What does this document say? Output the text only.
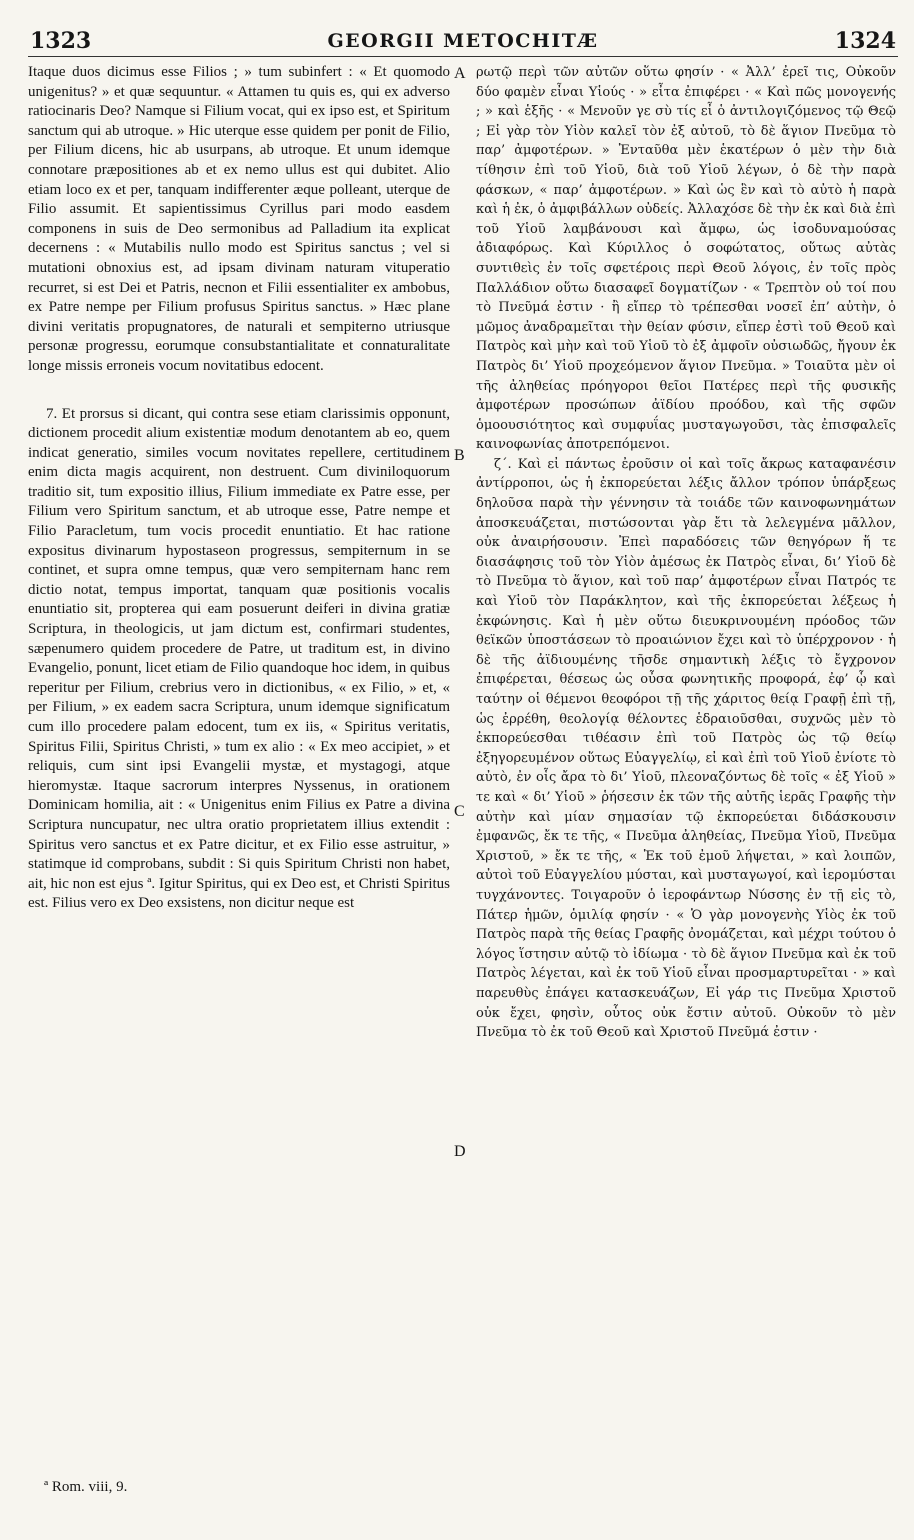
1323	GEORGII METOCHITÆ	1324

Itaque duos dicimus esse Filios ; » tum subinfert : « Et quomodo unigenitus? » et quæ sequuntur. « Attamen tu quis es, qui ex adverso ratiocinaris Deo? Namque si Filium vocat, qui ex ipso est, et Spiritum sanctum qui ab utroque. » Hic uterque esse quidem per ponit de Filio, per Filium dicens, hic ab usurpans, ab utroque. Et unum idemque connotare præpositiones ab et ex nemo ullus est qui dubitet. Alio etiam loco ex et per, tanquam indifferenter æque polleant, uterque de Filio assumit. Et sapientissimus Cyrillus pari modo easdem componens in suis de Deo sermonibus ad Palladium ita explicat decernens : « Mutabilis nullo modo est Spiritus sanctus ; vel si mutationi obnoxius est, ad ipsam divinam naturam vituperatio recurret, si est Dei et Patris, necnon et Filii essentialiter ex ambobus, ex Patre nempe per Filium profusus Spiritus sanctus. » Hæc plane divini veritatis propugnatores, de naturali et sempiterno utriusque personæ progressu, eorumque consubstantialitate et connaturalitate longe missis erroneis vocum novitatibus edocent.

7. Et prorsus si dicant, qui contra sese etiam clarissimis opponunt, dictionem procedit alium existentiæ modum denotantem ab eo, quem indicat generatio, similes vocum novitates repellere, certitudinem enim dicta magis acquirent, non destruent. Cum diviniloquorum traditio sit, tum expositio illius, Filium immediate ex Patre esse, per Filium vero Spiritum sanctum, et ab utroque esse, Patre nempe et Filio Paracletum, tum vocis procedit enuntiatio. Et hac ratione expositus divinarum hypostaseon progressus, sempiternum in se continet, et supra omne tempus, quæ vero sempiternam hanc rem dictio notat, tempus importat, tanquam quæ positionis vocalis enuntiatio sit, propterea qui eam posuerunt deiferi in divina gratiæ Scriptura, in theologicis, ut jam dictum est, confirmari studentes, sæpenumero quidem procedere de Patre, ut traditum est, in divino Evangelio, ponunt, licet etiam de Filio quandoque hoc idem, in quibus reperitur per Filium, crebrius vero in dictionibus, « ex Filio, » et, « per Filium, » ex eadem sacra Scriptura, unum idemque significatum cum illo procedere palam edocent, tum ex iis, « Spiritus veritatis, Spiritus Filii, Spiritus Christi, » tum ex alio : « Ex meo accipiet, » et reliquis, cum sint ipsi Evangelii mystæ, et mystagogi, atque hieromystæ. Itaque sacrorum interpres Nyssenus, in orationem Dominicam homilia, ait : « Unigenitus enim Filius ex Patre a divina Scriptura nuncupatur, nec ultra oratio proprietatem illius extendit : Spiritus vero sanctus et ex Patre dicitur, et ex Filio esse astruitur, » statimque id comprobans, subdit : Si quis Spiritum Christi non habet, ait, hic non est ejus ª. Igitur Spiritus, qui ex Deo est, et Christi Spiritus est. Filius vero ex Deo exsistens, non dicitur neque est

A
B
C
D

ρωτῷ περὶ τῶν αὐτῶν οὕτω φησίν · « Ἀλλ’ ἐρεῖ τις, Οὐκοῦν δύο φαμὲν εἶναι Υἱούς · » εἶτα ἐπιφέρει · « Καὶ πῶς μονογενής ; » καὶ ἑξῆς · « Μενοῦν γε σὺ τίς εἶ ὁ ἀντιλογιζόμενος τῷ Θεῷ ; Εἰ γὰρ τὸν Υἱὸν καλεῖ τὸν ἐξ αὐτοῦ, τὸ δὲ ἅγιον Πνεῦμα τὸ παρ’ ἀμφοτέρων. » Ἐνταῦθα μὲν ἑκατέρων ὁ μὲν τὴν διὰ τίθησιν ἐπὶ τοῦ Υἱοῦ, διὰ τοῦ Υἱοῦ λέγων, ὁ δὲ τὴν παρὰ φάσκων, « παρ’ ἀμφοτέρων. » Καὶ ὡς ἓν καὶ τὸ αὐτὸ ἡ παρὰ καὶ ἡ ἐκ, ὁ ἀμφιβάλλων οὐδείς. Ἀλλαχόσε δὲ τὴν ἐκ καὶ διὰ ἐπὶ τοῦ Υἱοῦ λαμβάνουσι καὶ ἄμφω, ὡς ἰσοδυναμούσας ἀδιαφόρως. Καὶ Κύριλλος ὁ σοφώτατος, οὕτως αὐτὰς συντιθεὶς ἐν τοῖς σφετέροις περὶ Θεοῦ λόγοις, ἐν τοῖς πρὸς Παλλάδιον οὕτω διασαφεῖ δογματίζων · « Τρεπτὸν οὐ τοί που τὸ Πνεῦμά ἐστιν · ἢ εἴπερ τὸ τρέπεσθαι νοσεῖ ἐπ’ αὐτὴν, ὁ μῶμος ἀναδραμεῖται τὴν θείαν φύσιν, εἴπερ ἐστὶ τοῦ Θεοῦ καὶ Πατρὸς καὶ μὴν καὶ τοῦ Υἱοῦ τὸ ἐξ ἀμφοῖν οὐσιωδῶς, ἤγουν ἐκ Πατρὸς δι’ Υἱοῦ προχεόμενον ἅγιον Πνεῦμα. » Τοιαῦτα μὲν οἱ τῆς ἀληθείας πρόηγοροι θεῖοι Πατέρες περὶ τῆς φυσικῆς ἀμφοτέρων προσώπων ἀϊδίου προόδου, καὶ τῆς σφῶν ὁμοουσιότητος καὶ συμφυΐας μυσταγωγοῦσι, τὰς ἐπισφαλεῖς καινοφωνίας ἀποτρεπόμενοι.

ζ΄. Καὶ εἰ πάντως ἐροῦσιν οἱ καὶ τοῖς ἄκρως καταφανέσιν ἀντίρροποι, ὡς ἡ ἐκπορεύεται λέξις ἄλλον τρόπον ὑπάρξεως δηλοῦσα παρὰ τὴν γέννησιν τὰ τοιάδε τῶν καινοφωνημάτων ἀποσκευάζεται, πιστώσονται γὰρ ἔτι τὰ λελεγμένα μᾶλλον, οὐκ ἀναιρήσουσιν. Ἐπεὶ παραδόσεις τῶν θεηγόρων ἥ τε διασάφησις τοῦ τὸν Υἱὸν ἀμέσως ἐκ Πατρὸς εἶναι, δι’ Υἱοῦ δὲ τὸ Πνεῦμα τὸ ἅγιον, καὶ τοῦ παρ’ ἀμφοτέρων εἶναι Πατρός τε καὶ Υἱοῦ τὸν Παράκλητον, καὶ τῆς ἐκπορεύεται λέξεως ἡ ἐκφώνησις. Καὶ ἡ μὲν οὕτω διευκρινουμένη πρόοδος τῶν θεϊκῶν ὑποστάσεων τὸ προαιώνιον ἔχει καὶ τὸ ὑπέρχρονον · ἡ δὲ τῆς ἀϊδιουμένης τῆσδε σημαντικὴ λέξις τὸ ἔγχρονον ἐπιφέρεται, θέσεως ὡς οὖσα φωνητικῆς προφορά, ἐφ’ ᾧ καὶ ταύτην οἱ θέμενοι θεοφόροι τῇ τῆς χάριτος θείᾳ Γραφῇ ἐπὶ τῇ, ὡς ἐρρέθη, θεολογίᾳ θέλοντες ἑδραιοῦσθαι, συχνῶς μὲν τὸ ἐκπορεύεσθαι τιθέασιν ἐπὶ τοῦ Πατρὸς ὡς τῷ θείῳ ἐξηγορευμένον οὕτως Εὐαγγελίῳ, εἰ καὶ ἐπὶ τοῦ Υἱοῦ ἐνίοτε τὸ αὐτὸ, ἐν οἷς ἄρα τὸ δι’ Υἱοῦ, πλεοναζόντως δὲ τοῖς « ἐξ Υἱοῦ » τε καὶ « δι’ Υἱοῦ » ῥήσεσιν ἐκ τῶν τῆς αὐτῆς ἱερᾶς Γραφῆς τὴν αὐτὴν καὶ μίαν σημασίαν τῷ ἐκπορεύεται διδάσκουσιν ἐμφανῶς, ἔκ τε τῆς, « Πνεῦμα ἀληθείας, Πνεῦμα Υἱοῦ, Πνεῦμα Χριστοῦ, » ἔκ τε τῆς, « Ἐκ τοῦ ἐμοῦ λήψεται, » καὶ λοιπῶν, αὐτοὶ τοῦ Εὐαγγελίου μύσται, καὶ μυσταγωγοί, καὶ ἱερομύσται τυγχάνοντες. Τοιγαροῦν ὁ ἱεροφάντωρ Νύσσης ἐν τῇ εἰς τὸ, Πάτερ ἡμῶν, ὁμιλίᾳ φησίν · « Ὁ γὰρ μονογενὴς Υἱὸς ἐκ τοῦ Πατρὸς παρὰ τῆς θείας Γραφῆς ὀνομάζεται, καὶ μέχρι τούτου ὁ λόγος ἵστησιν αὐτῷ τὸ ἰδίωμα · τὸ δὲ ἅγιον Πνεῦμα καὶ ἐκ τοῦ Πατρὸς λέγεται, καὶ ἐκ τοῦ Υἱοῦ εἶναι προσμαρτυρεῖται · » καὶ παρευθὺς ἐπάγει κατασκευάζων, Εἰ γάρ τις Πνεῦμα Χριστοῦ οὐκ ἔχει, φησὶν, οὗτος οὐκ ἔστιν αὐτοῦ. Οὐκοῦν τὸ μὲν Πνεῦμα τὸ ἐκ τοῦ Θεοῦ καὶ Χριστοῦ Πνεῦμά ἐστιν ·

ª Rom. viii, 9.
